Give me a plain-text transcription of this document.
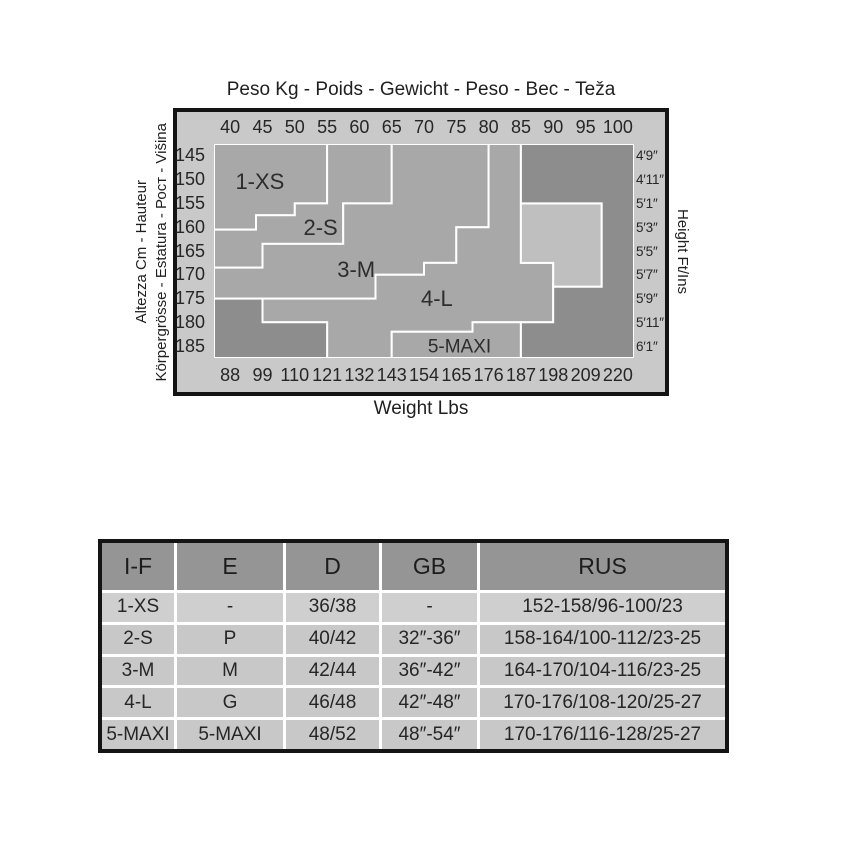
Peso Kg - Poids - Gewicht - Peso - Вес - Teža
Altezza Cm - Hauteur Körpergrösse - Estatura - Рост - Višina	40 45 50 55 60 65 70 75 80 85 90 95 100
1-XS
2-S
3-M
4-L
5-MAXI
145
150
155
160
165
170
175
180
185
4′9″
4′11″
5′1″
5′3″
5′5″
5′7″
5′9″
5′11″
6′1″
88 99 110 121 132 143 154 165 176 187 198 209 220
Height Ft/Ins
Weight Lbs
I-F	E	D	GB	RUS
1-XS	-	36/38	-	152-158/96-100/23
2-S	P	40/42	32″-36″	158-164/100-112/23-25
3-M	M	42/44	36″-42″	164-170/104-116/23-25
4-L	G	46/48	42″-48″	170-176/108-120/25-27
5-MAXI	5-MAXI	48/52	48″-54″	170-176/116-128/25-27
